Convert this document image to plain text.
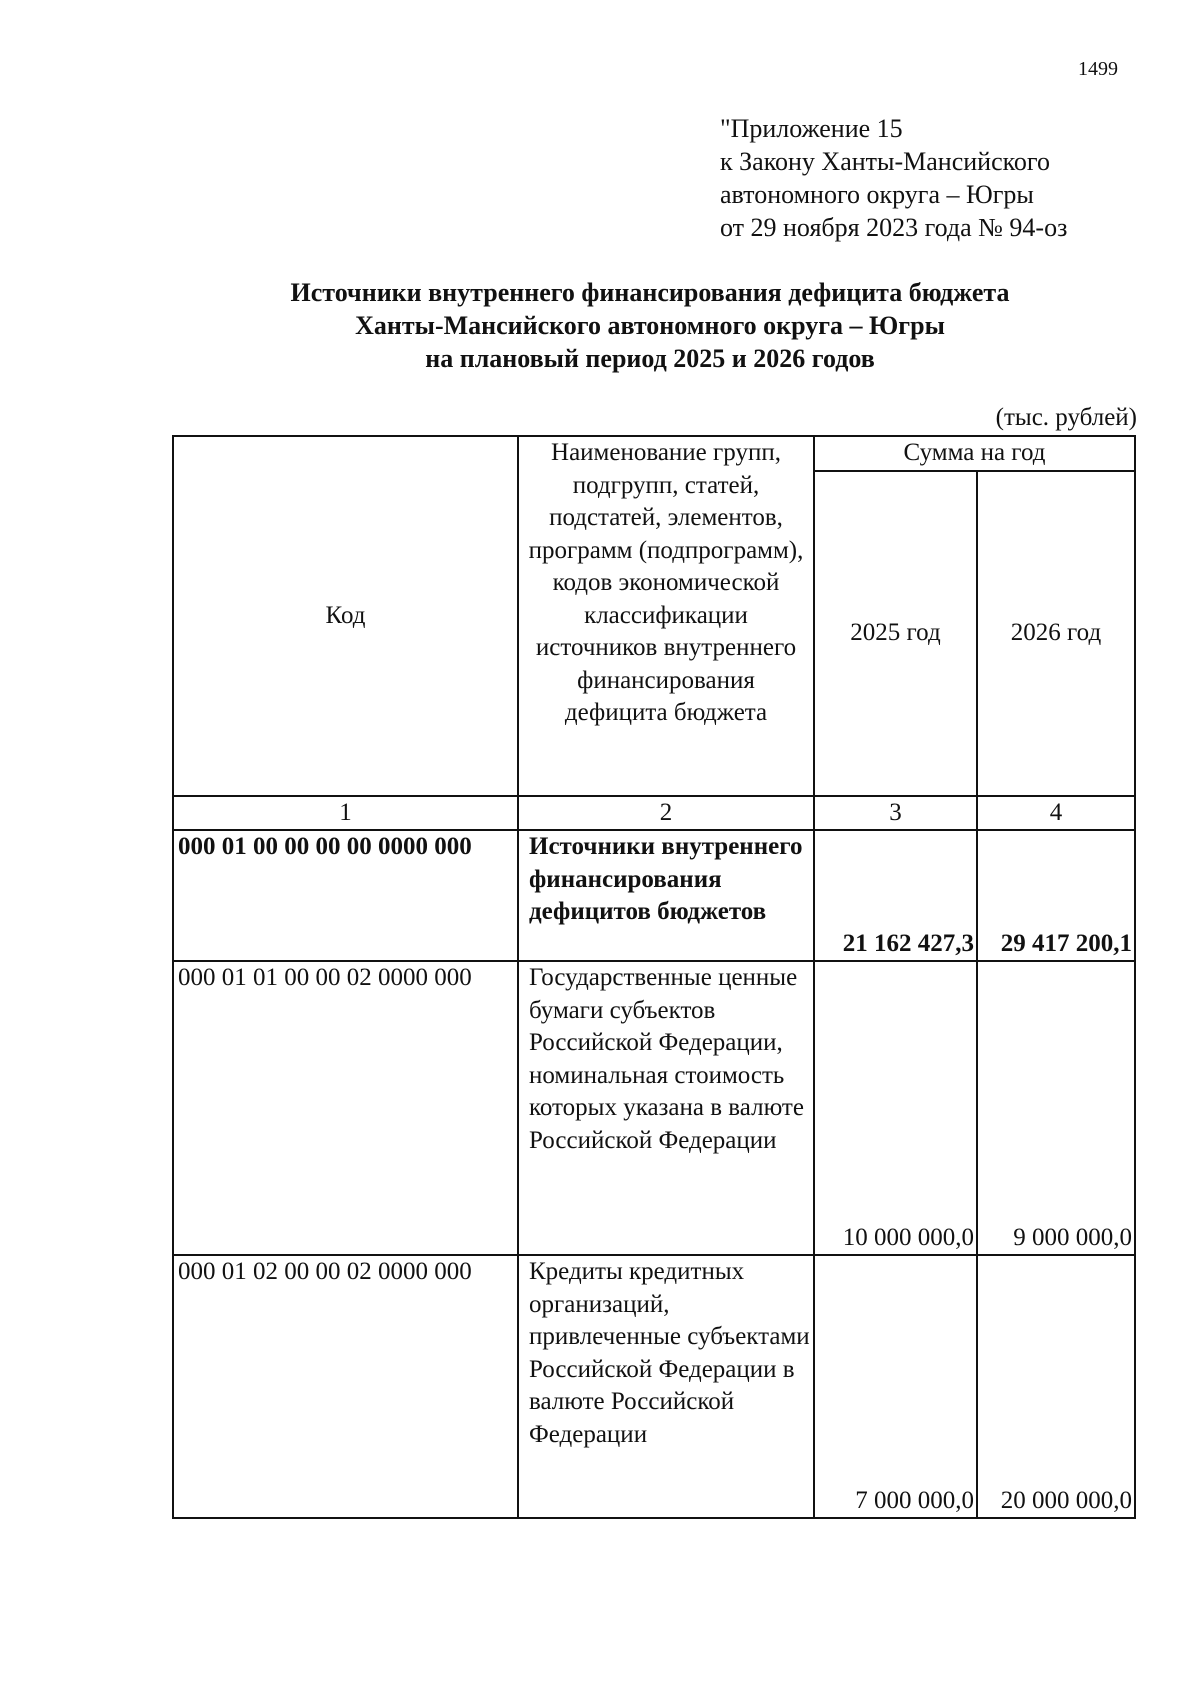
1499
"Приложение 15
к Закону Ханты-Мансийского
автономного округа – Югры
от 29 ноября 2023 года № 94-оз
Источники внутреннего финансирования дефицита бюджета
Ханты-Мансийского автономного округа – Югры
на плановый период 2025 и 2026 годов
(тыс. рублей)
Код	Наименование групп, подгрупп, статей, подстатей, элементов, программ (подпрограмм), кодов экономической классификации источников внутреннего финансирования дефицита бюджета	Сумма на год	
		2025 год	2026 год
1	2	3	4
000 01 00 00 00 00 0000 000	Источники внутреннего финансирования дефицитов бюджетов	21 162 427,3	29 417 200,1
000 01 01 00 00 02 0000 000	Государственные ценные бумаги субъектов Российской Федерации, номинальная стоимость которых указана в валюте Российской Федерации	10 000 000,0	9 000 000,0
000 01 02 00 00 02 0000 000	Кредиты кредитных организаций, привлеченные субъектами Российской Федерации в валюте Российской Федерации	7 000 000,0	20 000 000,0
